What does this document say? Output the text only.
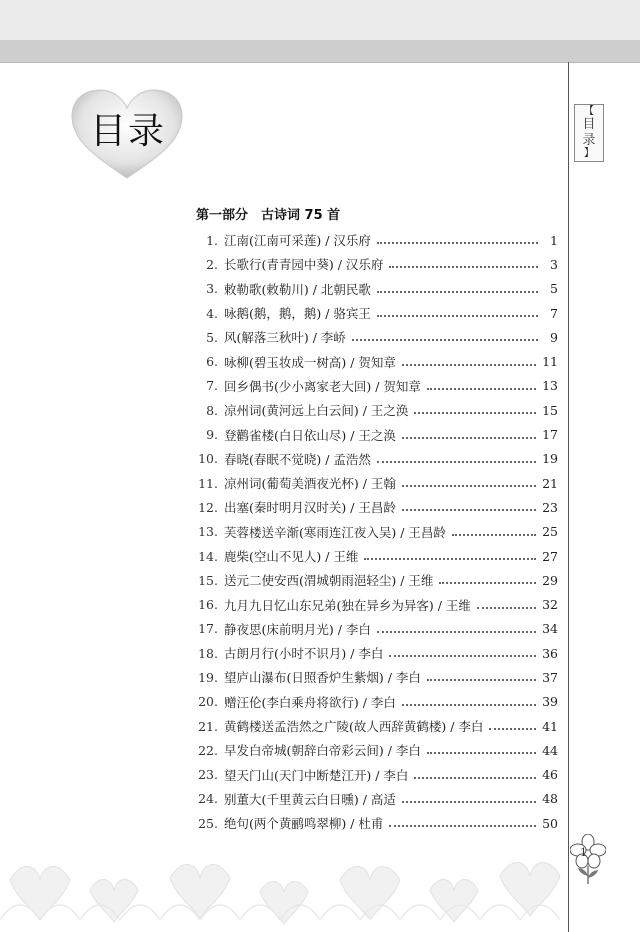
【
目
录
】
目录
第一部分　古诗词 75 首
1. 江南(江南可采莲) / 汉乐府	1
2. 长歌行(青青园中葵) / 汉乐府	3
3. 敕勒歌(敕勒川) / 北朝民歌	5
4. 咏鹅(鹅，鹅，鹅) / 骆宾王	7
5. 风(解落三秋叶) / 李峤	9
6. 咏柳(碧玉妆成一树高) / 贺知章	11
7. 回乡偶书(少小离家老大回) / 贺知章	13
8. 凉州词(黄河远上白云间) / 王之涣	15
9. 登鹳雀楼(白日依山尽) / 王之涣	17
10. 春晓(春眠不觉晓) / 孟浩然	19
11. 凉州词(葡萄美酒夜光杯) / 王翰	21
12. 出塞(秦时明月汉时关) / 王昌龄	23
13. 芙蓉楼送辛渐(寒雨连江夜入吴) / 王昌龄	25
14. 鹿柴(空山不见人) / 王维	27
15. 送元二使安西(渭城朝雨浥轻尘) / 王维	29
16. 九月九日忆山东兄弟(独在异乡为异客) / 王维	32
17. 静夜思(床前明月光) / 李白	34
18. 古朗月行(小时不识月) / 李白	36
19. 望庐山瀑布(日照香炉生紫烟) / 李白	37
20. 赠汪伦(李白乘舟将欲行) / 李白	39
21. 黄鹤楼送孟浩然之广陵(故人西辞黄鹤楼) / 李白	41
22. 早发白帝城(朝辞白帝彩云间) / 李白	44
23. 望天门山(天门中断楚江开) / 李白	46
24. 别董大(千里黄云白日曛) / 高适	48
25. 绝句(两个黄鹂鸣翠柳) / 杜甫	50
1
